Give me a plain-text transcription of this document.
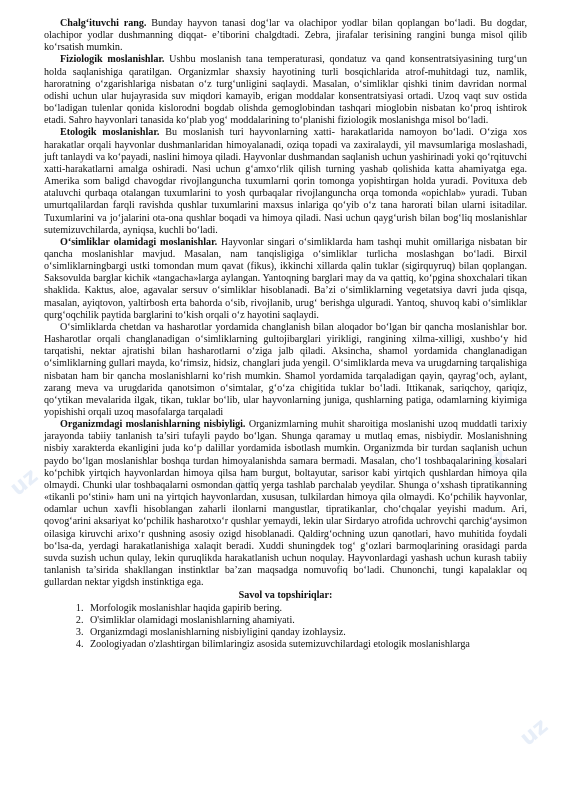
uz	uz
uz
uz

Chalg‘ituvchi rang. Bunday hayvon tanasi dog‘lar va olachipor yodlar bilan qoplangan bo‘ladi. Bu dogdar, olachipor yodlar dushmanning diqqat- e’tiborini chalgdtadi. Zebra, jirafalar terisining rangini bunga misol qilib ko‘rsatish mumkin.

Fiziologik moslanishlar. Ushbu moslanish tana temperaturasi, qondatuz va qand konsentratsiyasining turg‘un holda saqlanishiga qaratilgan. Organizmlar shaxsiy hayotining turli bosqichlarida atrof-muhitdagi tuz, namlik, haroratning o‘zgarishlariga nisbatan o‘z turg‘unligini saqlaydi. Masalan, o‘simliklar qishki tinim davridan normal odishi uchun ular hujayrasida suv miqdori kamayib, erigan moddalar konsentratsiyasi ortadi. Uzoq vaqt suv ostida bo‘ladigan tulenlar qonida kislorodni bogdab olishda gemoglobindan tashqari mioglobin nisbatan ko‘proq ishtirok etadi. Sahro hayvonlari tanasida ko‘plab yog‘ moddalarining to‘planishi fiziologik moslanishga misol bo‘ladi.

Etologik moslanishlar. Bu moslanish turi hayvonlarning xatti- harakatlarida namoyon bo‘ladi. O‘ziga xos harakatlar orqali hayvonlar dushmanlaridan himoyalanadi, oziqa topadi va zaxiralaydi, yil mavsumlariga moslashadi, juft tanlaydi va ko‘payadi, naslini himoya qiladi. Hayvonlar dushmandan saqlanish uchun yashirinadi yoki qo‘rqituvchi xatti-harakatlarni amalga oshiradi. Nasi uchun g‘amxo‘rlik qilish turning yashab qolishida katta ahamiyatga ega. Amerika som baligd chavogdar rivojlanguncha tuxumlarni qorin tomonga yopishtirgan holda yuradi. Povituxa deb ataluvchi qurbaqa otalangan tuxumlarini to yosh qurbaqalar rivojlanguncha orqa tomonda «opichlab» yuradi. Tuban umurtqalilardan farqli ravishda qushlar tuxumlarini maxsus inlariga qo‘yib o‘z tana harorati bilan ularni isitadilar. Tuxumlarini va jo‘jalarini ota-ona qushlar boqadi va himoya qiladi. Nasi uchun qayg‘urish bilan bog‘liq moslanishlar sutemizuvchilarda, ayniqsa, kuchli bo‘ladi.

O‘simliklar olamidagi moslanishlar. Hayvonlar singari o‘simliklarda ham tashqi muhit omillariga nisbatan bir qancha moslanishlar mavjud. Masalan, nam tanqisligiga o‘simliklar turlicha moslashgan bo‘ladi. Birxil o‘simliklarningbargi ustki tomondan mum qavat (fikus), ikkinchi xillarda qalin tuklar (sigirquyruq) bilan qoplangan. Saksovulda barglar kichik «tangacha»larga aylangan. Yantoqning barglari may da va qattiq, ko‘pgina shoxchalari tikan shaklida. Kaktus, aloe, agavalar sersuv o‘simliklar hisoblanadi. Ba’zi o‘simliklarning vegetatsiya davri juda qisqa, masalan, ayiqtovon, yaltirbosh erta bahorda o‘sib, rivojlanib, urug‘ berishga ulguradi. Yantoq, shuvoq kabi o‘simliklar qurg‘oqchilik paytida barglarini to‘kish orqali o‘z hayotini saqlaydi.

O‘simliklarda chetdan va hasharotlar yordamida changlanish bilan aloqador bo‘lgan bir qancha moslanishlar bor. Hasharotlar orqali changlanadigan o‘simliklarning gultojibarglari yirikligi, rangining xilma-xilligi, xushbo‘y hid tarqatishi, nektar ajratishi bilan hasharotlarni o‘ziga jalb qiladi. Aksincha, shamol yordamida changlanadigan o‘simliklarning gullari mayda, ko‘rimsiz, hidsiz, changlari juda yengil. O‘simliklarda meva va urugdarning tarqalishiga nisbatan ham bir qancha moslanishlarni ko‘rish mumkin. Shamol yordamida tarqaladigan qayin, qayrag‘och, aylant, zarang meva va urugdarida qanotsimon o‘simtalar, g‘o‘za chigitida tuklar bo‘ladi. Ittikanak, sariqchoy, qariqiz, qo‘ytikan mevalarida ilgak, tikan, tuklar bo‘lib, ular hayvonlarning juniga, qushlarning patiga, odamlarning kiyimiga yopishishi orqali uzoq masofalarga tarqaladi

Organizmdagi moslanishlarning nisbiyligi. Organizmlarning muhit sharoitiga moslanishi uzoq muddatli tarixiy jarayonda tabiiy tanlanish ta’siri tufayli paydo bo‘lgan. Shunga qaramay u mutlaq emas, nisbiydir. Moslanishning nisbiy xarakterda ekanligini juda ko‘p dalillar yordamida isbotlash mumkin. Organizmda bir turdan saqlanish uchun paydo bo‘lgan moslanishlar boshqa turdan himoyalanishda samara bermadi. Masalan, cho‘l toshbaqalarining kosalari ko‘pchibk yirtqich hayvonlardan himoya qilsa ham burgut, boltayutar, sarisor kabi yirtqich qushlardan himoya qila olmaydi. Chunki ular toshbaqalarni osmondan qattiq yerga tashlab parchalab yeydilar. Shunga o‘xshash tipratikanning «tikanli po‘stini» ham uni na yirtqich hayvonlardan, xususan, tulkilardan himoya qila olmaydi. Ko‘pchilik hayvonlar, odamlar uchun xavfli hisoblangan zaharli ilonlarni mangustlar, tipratikanlar, cho‘chqalar yeyishi madum. Ari, qovog‘arini aksariyat ko‘pchilik hasharotxo‘r qushlar yemaydi, lekin ular Sirdaryo atrofida uchrovchi qarchig‘aysimon oilasiga kiruvchi arixo‘r qushning asosiy ozigd hisoblanadi. Qaldirg‘ochning uzun qanotlari, havo muhitida foydali bo‘lsa-da, yerdagi harakatlanishiga xalaqit beradi. Xuddi shuningdek tog‘ g‘ozlari barmoqlarining orasidagi parda suvda suzish uchun qulay, lekin quruqlikda harakatlanish uchun noqulay. Hayvonlardagi yashash uchun kurash tabiiy tanlanish ta’sirida shakllangan instinktlar ba’zan maqsadga nomuvofiq bo‘ladi. Chunonchi, tungi kapalaklar oq gullardan nektar yigdsh instinktiga ega.

Savol va topshiriqlar:
1. Morfologik moslanishlar haqida gapirib bering.
2. O'simliklar olamidagi moslanishlarning ahamiyati.
3. Organizmdagi moslanishlarning nisbiyligini qanday izohlaysiz.
4. Zoologiyadan o'zlashtirgan bilimlaringiz asosida sutemizuvchilardagi etologik moslanishlarga
